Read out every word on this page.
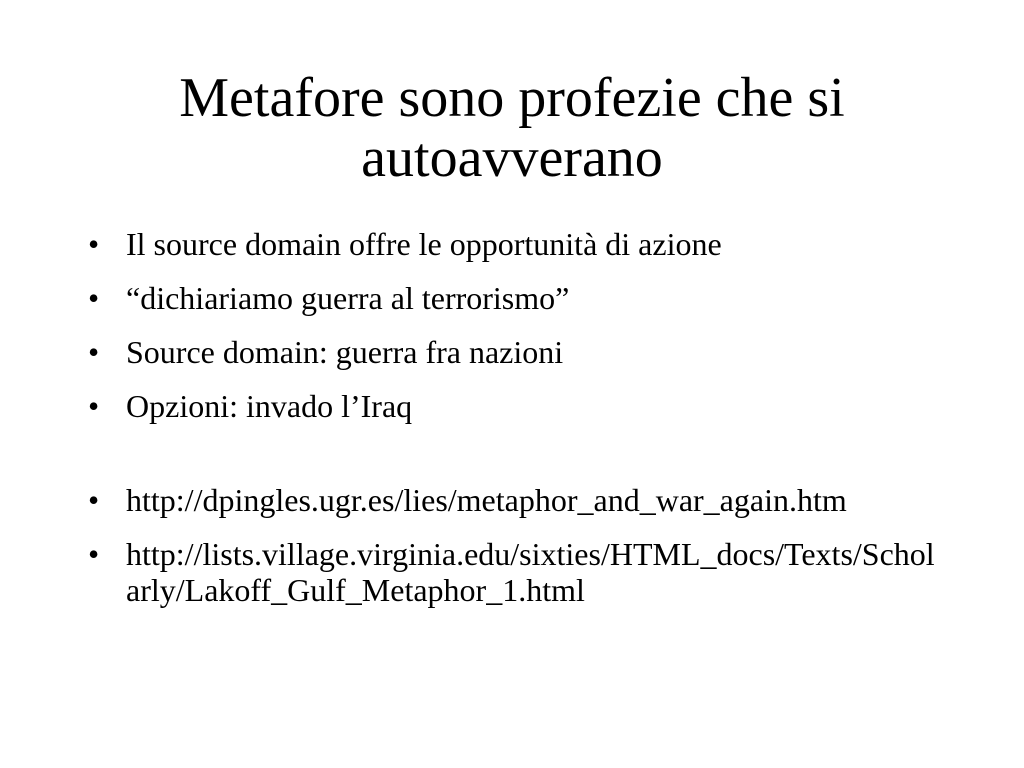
Metafore sono profezie che si autoavverano
• Il source domain offre le opportunità di azione
• “dichiariamo guerra al terrorismo”
• Source domain: guerra fra nazioni
• Opzioni: invado l’Iraq
• http://dpingles.ugr.es/lies/metaphor_and_war_again.htm
• http://lists.village.virginia.edu/sixties/HTML_docs/Texts/Scholarly/Lakoff_Gulf_Metaphor_1.html
